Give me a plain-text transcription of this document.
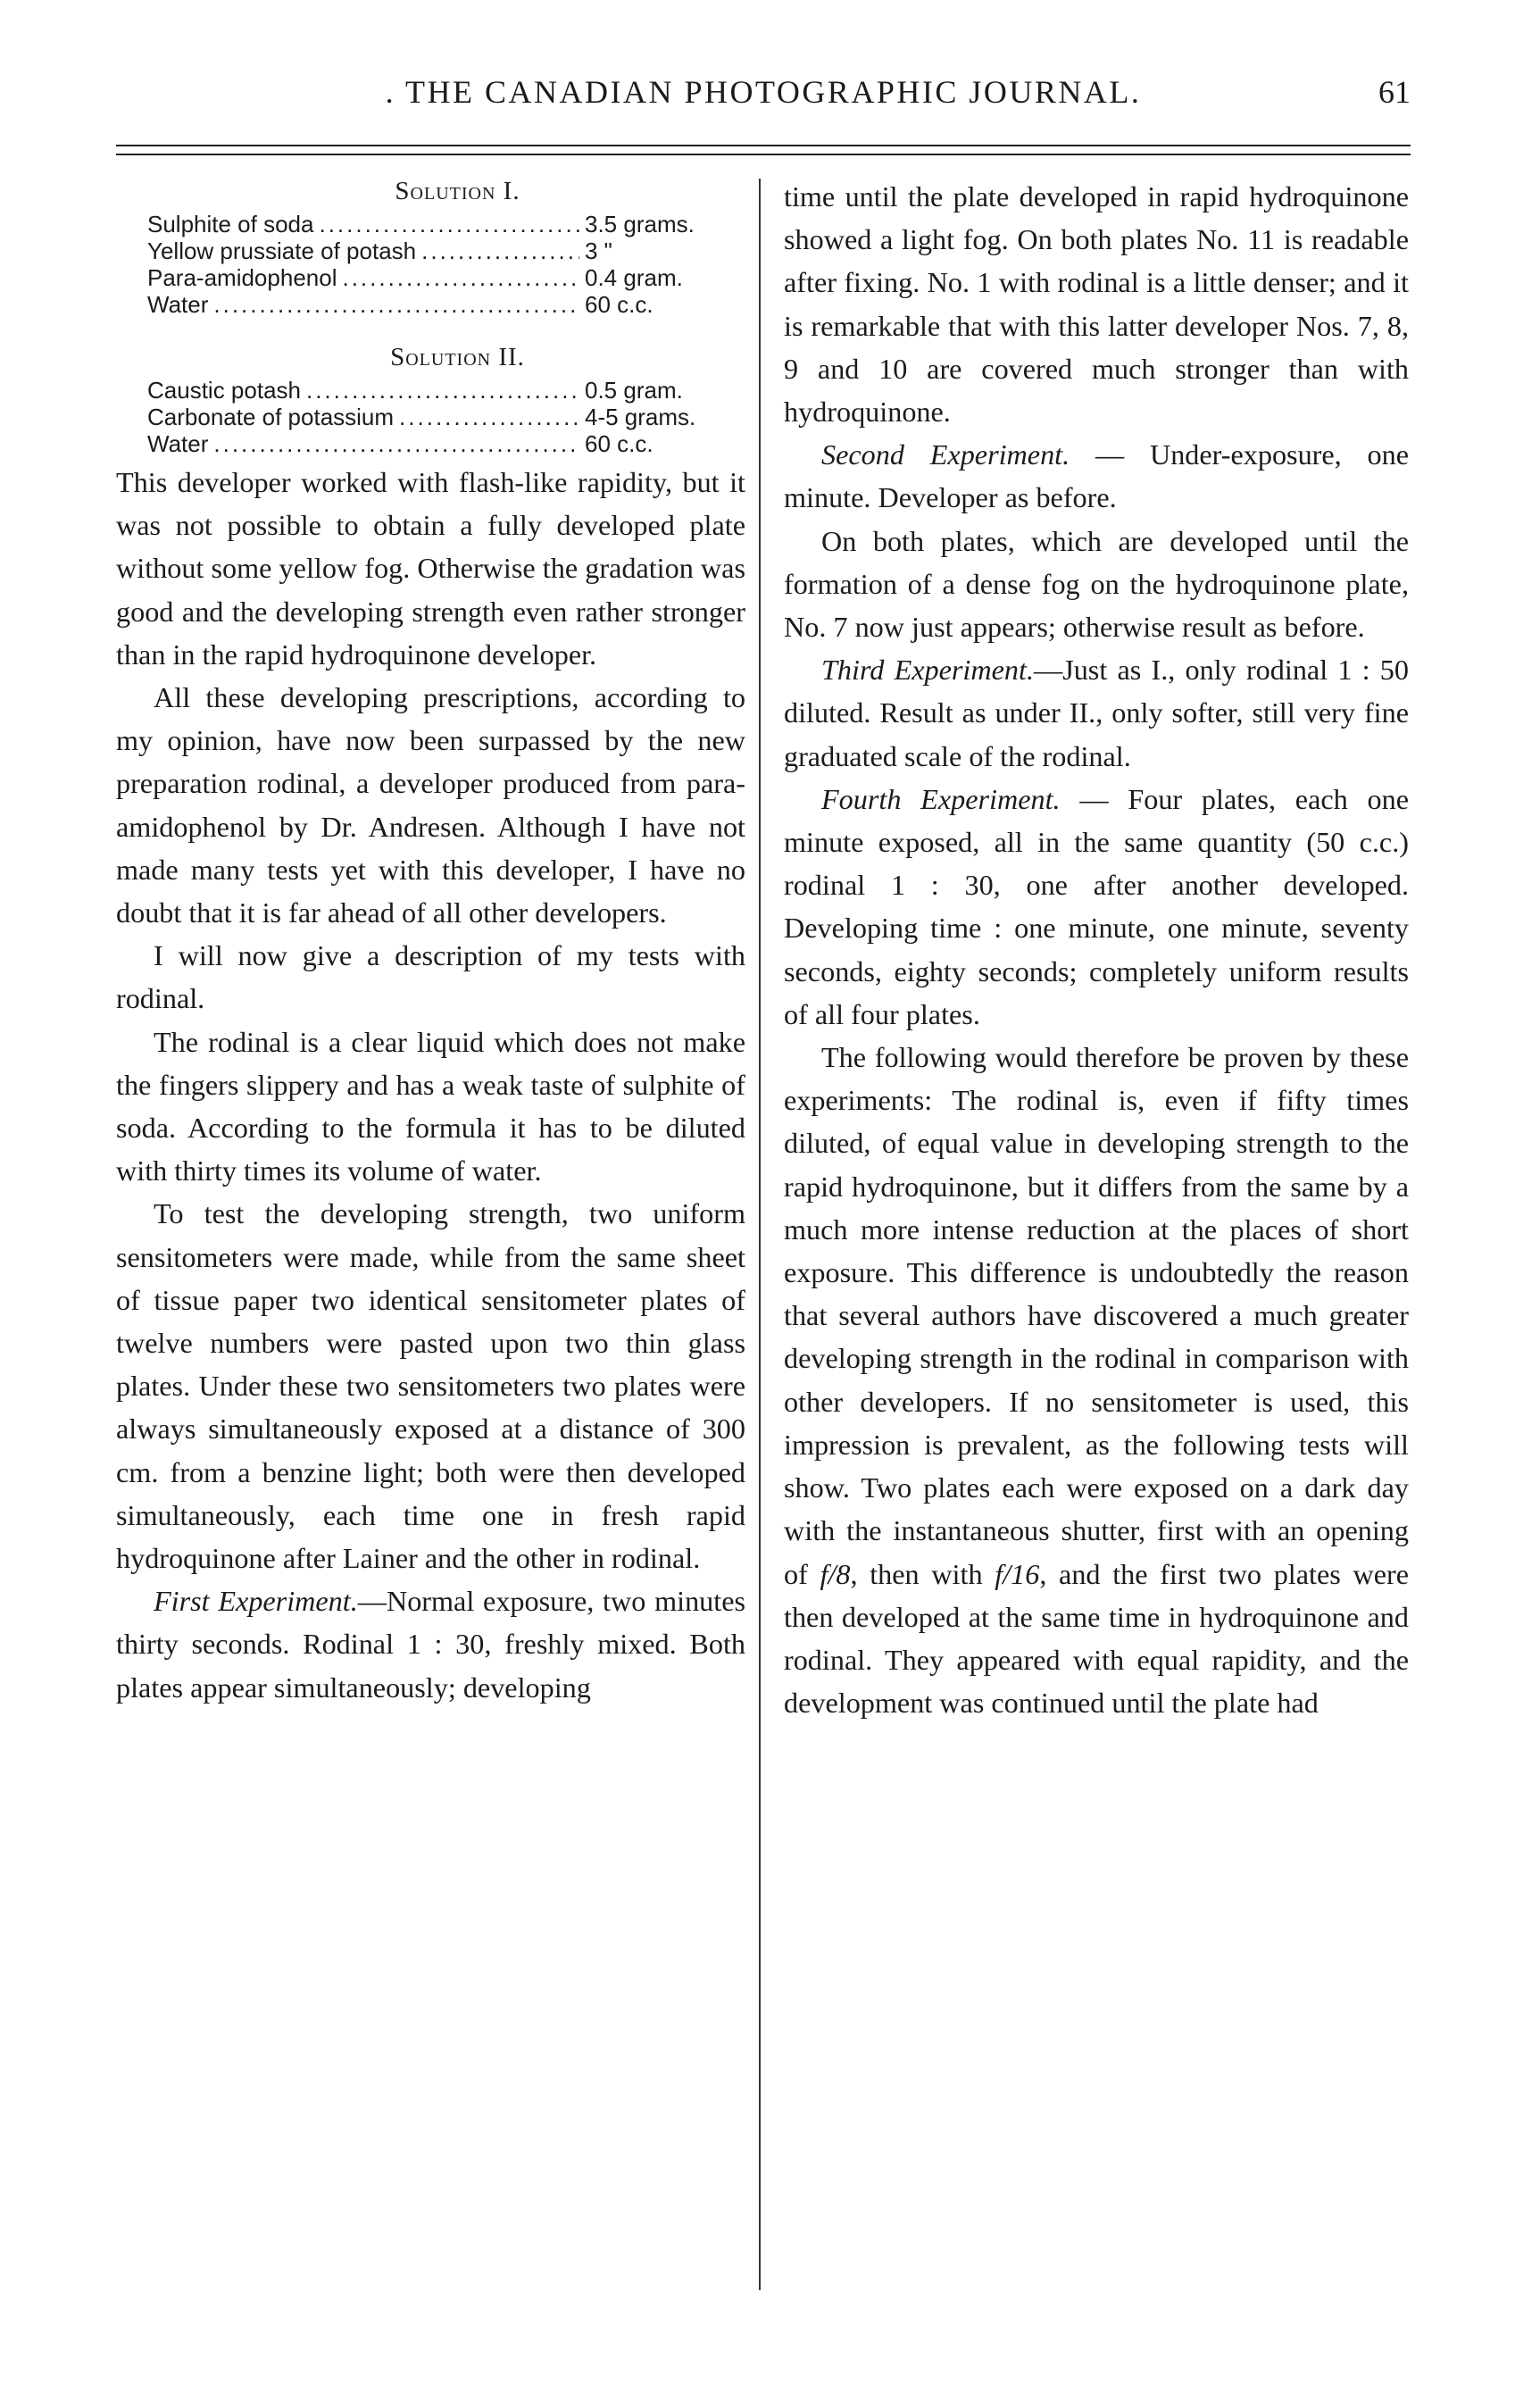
. THE CANADIAN PHOTOGRAPHIC JOURNAL.	61
Solution I.
Sulphite of soda .....	3.5 grams.
Yellow prussiate of potash .....	3 "
Para-amidophenol .....	0.4 gram.
Water .....	60 c.c.
Solution II.
Caustic potash .....	0.5 gram.
Carbonate of potassium .....	4-5 grams.
Water .....	60 c.c.

This developer worked with flash-like rapidity, but it was not possible to obtain a fully developed plate without some yellow fog. Otherwise the gradation was good and the developing strength even rather stronger than in the rapid hydroquinone developer.

All these developing prescriptions, according to my opinion, have now been surpassed by the new preparation rodinal, a developer produced from para-amidophenol by Dr. Andresen. Although I have not made many tests yet with this developer, I have no doubt that it is far ahead of all other developers.

I will now give a description of my tests with rodinal.

The rodinal is a clear liquid which does not make the fingers slippery and has a weak taste of sulphite of soda. According to the formula it has to be diluted with thirty times its volume of water.

To test the developing strength, two uniform sensitometers were made, while from the same sheet of tissue paper two identical sensitometer plates of twelve numbers were pasted upon two thin glass plates. Under these two sensitometers two plates were always simultaneously exposed at a distance of 300 cm. from a benzine light; both were then developed simultaneously, each time one in fresh rapid hydroquinone after Lainer and the other in rodinal.

First Experiment.—Normal exposure, two minutes thirty seconds. Rodinal 1 : 30, freshly mixed. Both plates appear simultaneously; developing

time until the plate developed in rapid hydroquinone showed a light fog. On both plates No. 11 is readable after fixing. No. 1 with rodinal is a little denser; and it is remarkable that with this latter developer Nos. 7, 8, 9 and 10 are covered much stronger than with hydroquinone.

Second Experiment. — Under-exposure, one minute. Developer as before.

On both plates, which are developed until the formation of a dense fog on the hydroquinone plate, No. 7 now just appears; otherwise result as before.

Third Experiment.—Just as I., only rodinal 1 : 50 diluted. Result as under II., only softer, still very fine graduated scale of the rodinal.

Fourth Experiment. — Four plates, each one minute exposed, all in the same quantity (50 c.c.) rodinal 1 : 30, one after another developed. Developing time : one minute, one minute, seventy seconds, eighty seconds; completely uniform results of all four plates.

The following would therefore be proven by these experiments: The rodinal is, even if fifty times diluted, of equal value in developing strength to the rapid hydroquinone, but it differs from the same by a much more intense reduction at the places of short exposure. This difference is undoubtedly the reason that several authors have discovered a much greater developing strength in the rodinal in comparison with other developers. If no sensitometer is used, this impression is prevalent, as the following tests will show. Two plates each were exposed on a dark day with the instantaneous shutter, first with an opening of f/8, then with f/16, and the first two plates were then developed at the same time in hydroquinone and rodinal. They appeared with equal rapidity, and the development was continued until the plate had
